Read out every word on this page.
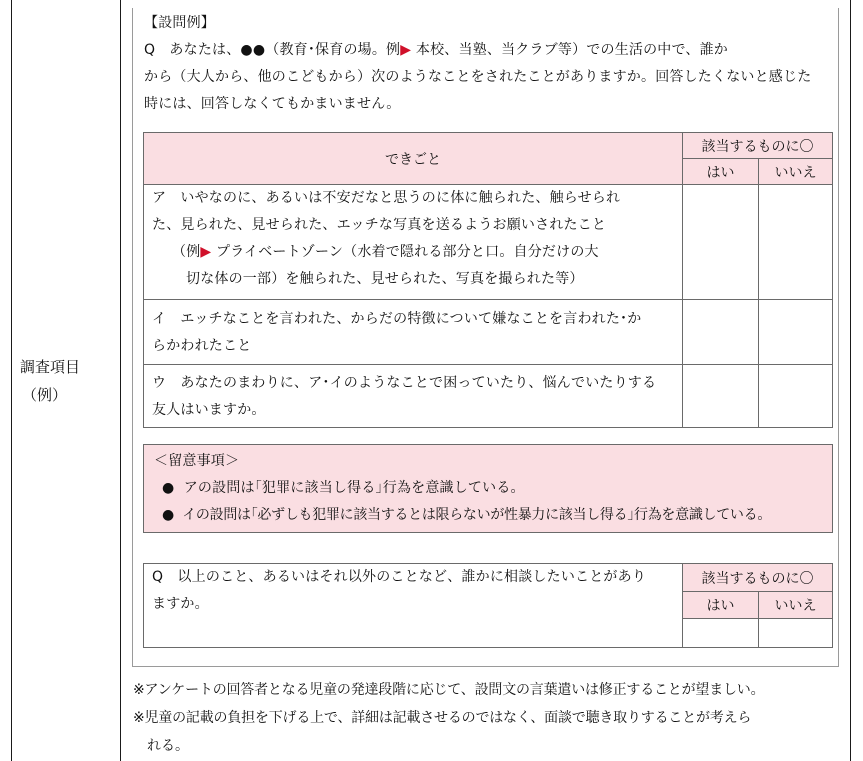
調査項目
（例）
【設問例】
Q　あなたは、●●（教育･保育の場。例▶ 本校、当塾、当クラブ等）での生活の中で、誰か
から（大人から、他のこどもから）次のようなことをされたことがありますか。回答したくないと感じた
時には、回答しなくてもかまいません。
できごと
該当するものに〇
はい	いいえ
ア　いやなのに、あるいは不安だなと思うのに体に触られた、触らせられ
た、見られた、見せられた、エッチな写真を送るようお願いされたこと
（例▶ プライベートゾーン（水着で隠れる部分と口。自分だけの大
切な体の一部）を触られた、見せられた、写真を撮られた等）
イ　エッチなことを言われた、からだの特徴について嫌なことを言われた･か
らかわれたこと
ウ　あなたのまわりに、ア･イのようなことで困っていたり、悩んでいたりする
友人はいますか。
＜留意事項＞
● アの設問は｢犯罪に該当し得る｣行為を意識している。
● イの設問は｢必ずしも犯罪に該当するとは限らないが性暴力に該当し得る｣行為を意識している。
Q　以上のこと、あるいはそれ以外のことなど、誰かに相談したいことがあり
ますか。
該当するものに〇
はい	いいえ
※アンケートの回答者となる児童の発達段階に応じて、設問文の言葉遣いは修正することが望ましい。
※児童の記載の負担を下げる上で、詳細は記載させるのではなく、面談で聴き取りすることが考えら
れる。
